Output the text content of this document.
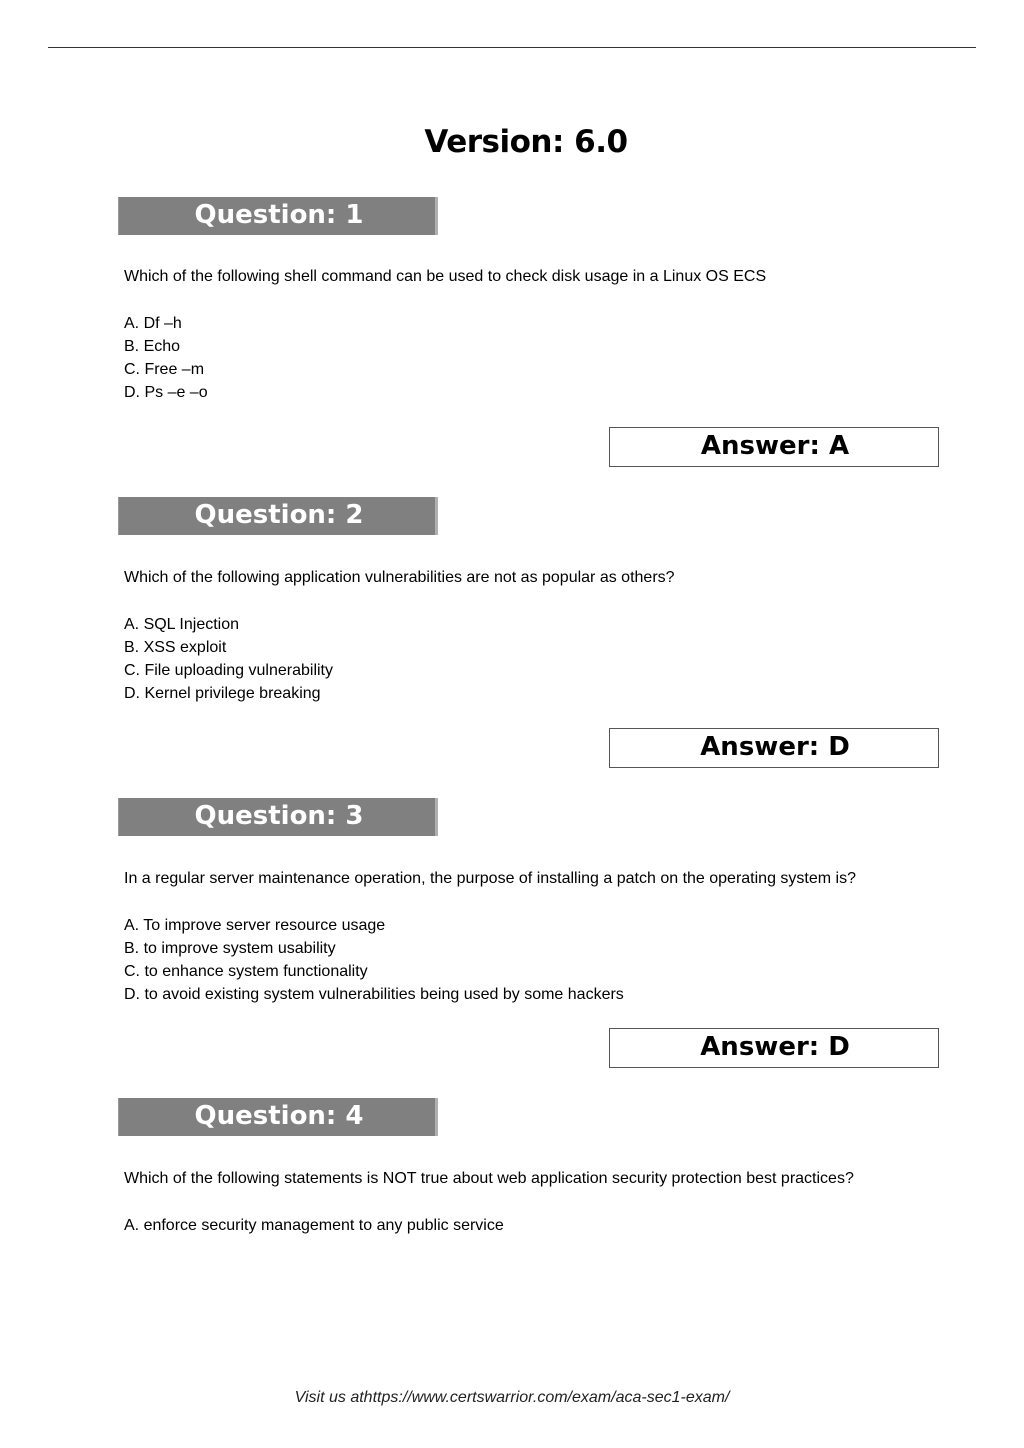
Version: 6.0
Question: 1
Which of the following shell command can be used to check disk usage in a Linux OS ECS
A. Df –h
B. Echo
C. Free –m
D. Ps –e –o
Answer: A
Question: 2
Which of the following application vulnerabilities are not as popular as others?
A. SQL Injection
B. XSS exploit
C. File uploading vulnerability
D. Kernel privilege breaking
Answer: D
Question: 3
In a regular server maintenance operation, the purpose of installing a patch on the operating system is?
A. To improve server resource usage
B. to improve system usability
C. to enhance system functionality
D. to avoid existing system vulnerabilities being used by some hackers
Answer: D
Question: 4
Which of the following statements is NOT true about web application security protection best practices?
A. enforce security management to any public service
Visit us athttps://www.certswarrior.com/exam/aca-sec1-exam/
